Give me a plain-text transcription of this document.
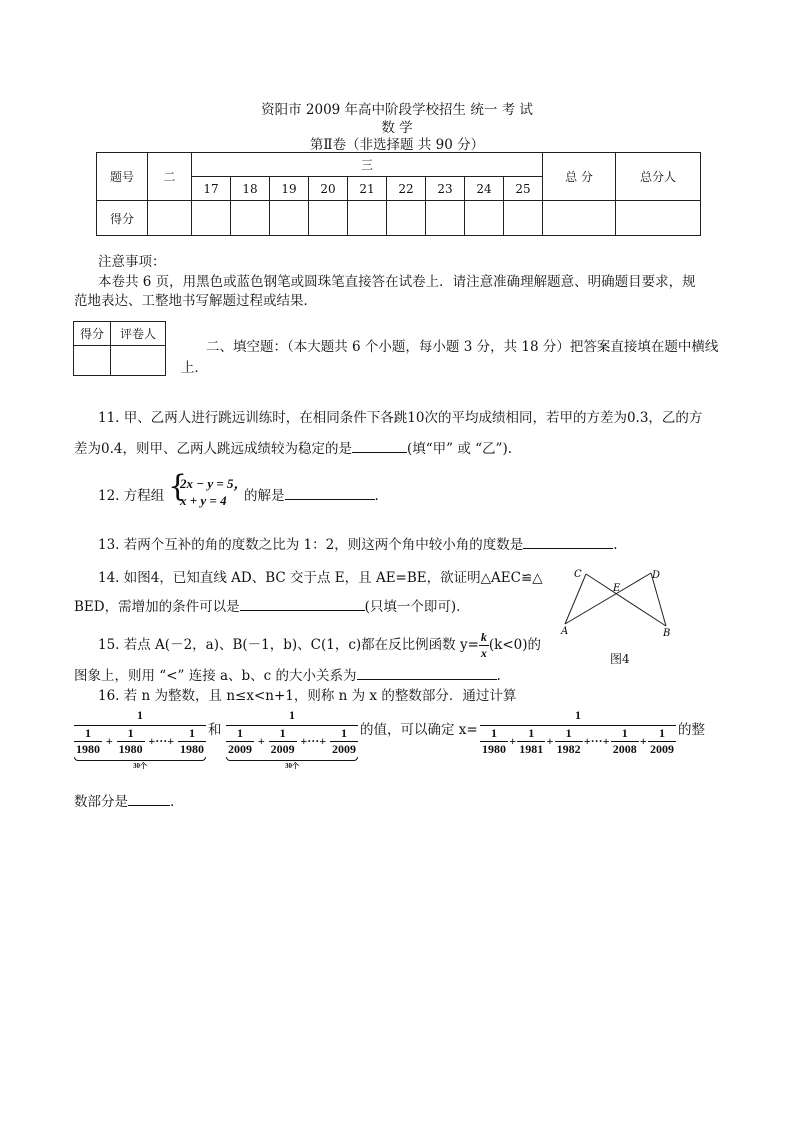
资阳市 2009 年高中阶段学校招生 统一 考 试
数 学
第Ⅱ卷（非选择题 共 90 分）
题号	二	三									总 分	总分人
		17	18	19	20	21	22	23	24	25		
得分												
注意事项：
本卷共 6 页，用黑色或蓝色钢笔或圆珠笔直接答在试卷上．请注意准确理解题意、明确题目要求，规
范地表达、工整地书写解题过程或结果．
得分	评卷人

二、填空题：（本大题共 6 个小题，每小题 3 分，共 18 分）把答案直接填在题中横线
上．
11. 甲、乙两人进行跳远训练时，在相同条件下各跳10次的平均成绩相同，若甲的方差为0.3，乙的方
差为0.4，则甲、乙两人跳远成绩较为稳定的是	(填“甲” 或 “乙”).
12. 方程组 {
2x − y = 5，
x + y = 4 的解是	.
13. 若两个互补的角的度数之比为 1：2，则这两个角中较小角的度数是	.
14. 如图4，已知直线 AD、BC 交于点 E，且 AE=BE，欲证明△AEC≌△
BED，需增加的条件可以是	(只填一个即可)．
C
E
D
A	B
图4
15. 若点 A(－2，a)、B(－1，b)、C(1，c)都在反比例函数 $y= \frac{k}{x} (k<0)$的
图象上，则用 “<” 连接 a、b、c 的大小关系为	.
16. 若 n 为整数，且 n≤x<n+1，则称 n 为 x 的整数部分．通过计算
1
$\frac{1}{1980} + \frac{1}{1980}$ +···+ $\frac{1}{1980}$
30个
和
1
$\frac{1}{2009} + \frac{1}{2009}$ +···+ $\frac{1}{2009}$
30个
的值，可以确定 x=
1
$\frac{1}{1980} + \frac{1}{1981} + \frac{1}{1982}$ +···+ $\frac{1}{2008} + \frac{1}{2009}$ 的整
数部分是	.
